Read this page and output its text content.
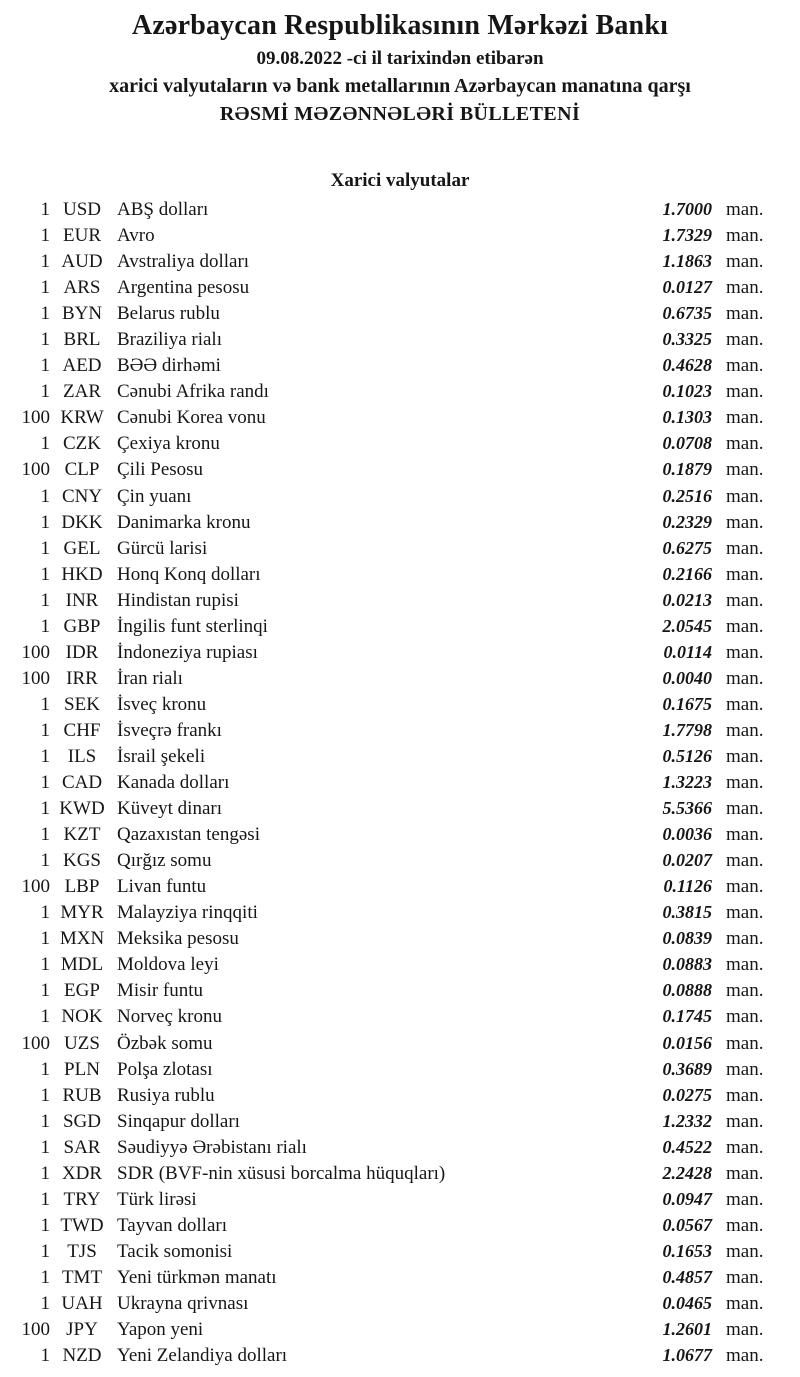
Azərbaycan Respublikasının Mərkəzi Bankı
09.08.2022 -ci il tarixindən etibarən
xarici valyutaların və bank metallarının Azərbaycan manatına qarşı
RƏSMİ MƏZƏNNƏLƏRİ BÜLLETENİ
Xarici valyutalar
1 USD ABŞ dolları	1.7000 man.
1 EUR Avro	1.7329 man.
1 AUD Avstraliya dolları	1.1863 man.
1 ARS Argentina pesosu	0.0127 man.
1 BYN Belarus rublu	0.6735 man.
1 BRL Braziliya rialı	0.3325 man.
1 AED BƏƏ dirhəmi	0.4628 man.
1 ZAR Cənubi Afrika randı	0.1023 man.
100 KRW Cənubi Korea vonu	0.1303 man.
1 CZK Çexiya kronu	0.0708 man.
100 CLP Çili Pesosu	0.1879 man.
1 CNY Çin yuanı	0.2516 man.
1 DKK Danimarka kronu	0.2329 man.
1 GEL Gürcü larisi	0.6275 man.
1 HKD Honq Konq dolları	0.2166 man.
1 INR Hindistan rupisi	0.0213 man.
1 GBP İngilis funt sterlinqi	2.0545 man.
100 IDR İndoneziya rupiası	0.0114 man.
100 IRR	İran rialı	0.0040 man.
1 SEK İsveç kronu	0.1675 man.
1 CHF İsveçrə frankı	1.7798 man.
1 ILS	İsrail şekeli	0.5126 man.
1 CAD Kanada dolları	1.3223 man.
1 KWD Küveyt dinarı	5.5366 man.
1 KZT Qazaxıstan tengəsi	0.0036 man.
1 KGS Qırğız somu	0.0207 man.
100 LBP Livan funtu	0.1126 man.
1 MYR Malayziya rinqqiti	0.3815 man.
1 MXN Meksika pesosu	0.0839 man.
1 MDL Moldova leyi	0.0883 man.
1 EGP Misir funtu	0.0888 man.
1 NOK Norveç kronu	0.1745 man.
100 UZS Özbək somu	0.0156 man.
1 PLN Polşa zlotası	0.3689 man.
1 RUB Rusiya rublu	0.0275 man.
1 SGD Sinqapur dolları	1.2332 man.
1 SAR Səudiyyə Ərəbistanı rialı	0.4522 man.
1 XDR SDR (BVF-nin xüsusi borcalma hüquqları)	2.2428 man.
1 TRY Türk lirəsi	0.0947 man.
1 TWD Tayvan dolları	0.0567 man.
1 TJS	Tacik somonisi	0.1653 man.
1 TMT Yeni türkmən manatı	0.4857 man.
1 UAH Ukrayna qrivnası	0.0465 man.
100 JPY	Yapon yeni	1.2601 man.
1 NZD Yeni Zelandiya dolları	1.0677 man.
